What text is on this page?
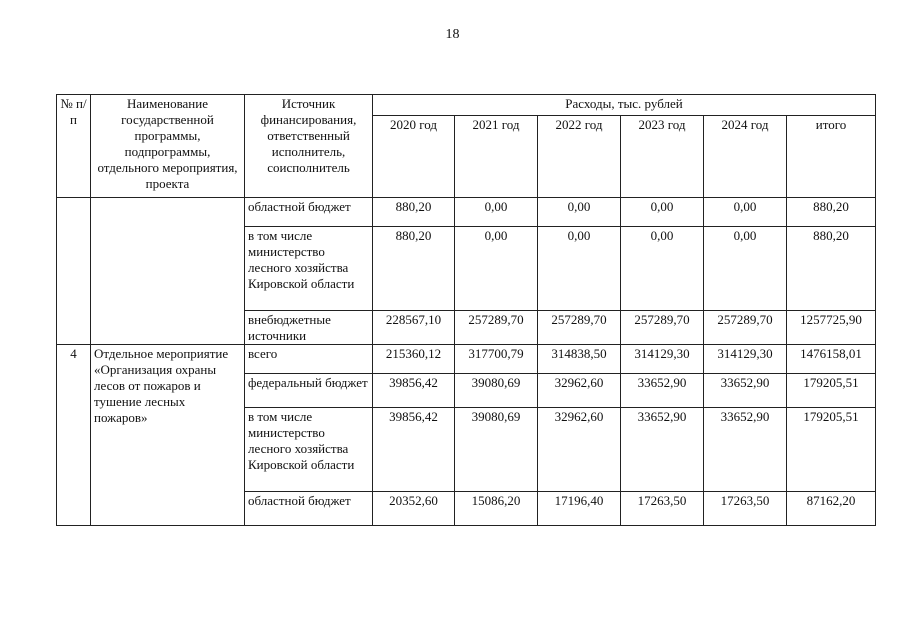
18
№ п/п	Наименование государственной программы, подпрограммы, отдельного мероприятия, проекта	Источник финансирования, ответственный исполнитель, соисполнитель	Расходы, тыс. рублей					
			2020 год	2021 год	2022 год	2023 год	2024 год	итого
		областной бюджет	880,20	0,00	0,00	0,00	0,00	880,20
		в том числе министерство лесного хозяйства Кировской области	880,20	0,00	0,00	0,00	0,00	880,20
		внебюджетные источники	228567,10	257289,70	257289,70	257289,70	257289,70	1257725,90
4	Отдельное мероприятие «Организация охраны лесов от пожаров и тушение лесных пожаров»	всего	215360,12	317700,79	314838,50	314129,30	314129,30	1476158,01
		федеральный бюджет	39856,42	39080,69	32962,60	33652,90	33652,90	179205,51
		в том числе министерство лесного хозяйства Кировской области	39856,42	39080,69	32962,60	33652,90	33652,90	179205,51
		областной бюджет	20352,60	15086,20	17196,40	17263,50	17263,50	87162,20
